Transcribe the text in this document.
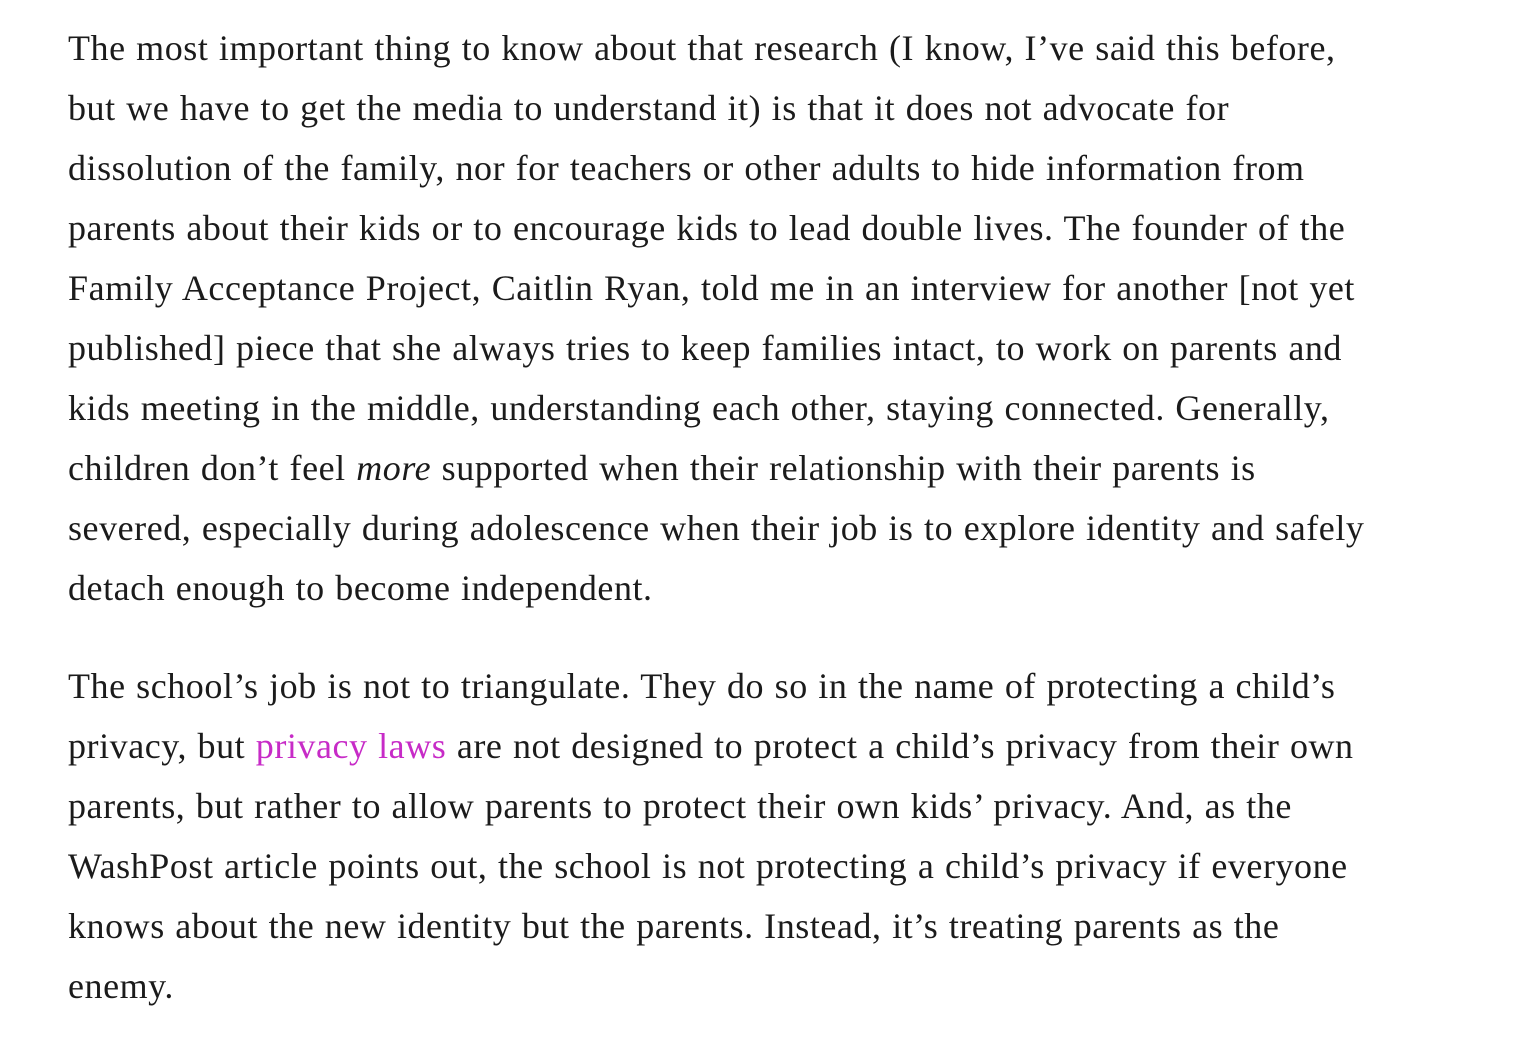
The most important thing to know about that research (I know, I’ve said this before,
but we have to get the media to understand it) is that it does not advocate for
dissolution of the family, nor for teachers or other adults to hide information from
parents about their kids or to encourage kids to lead double lives. The founder of the
Family Acceptance Project, Caitlin Ryan, told me in an interview for another [not yet
published] piece that she always tries to keep families intact, to work on parents and
kids meeting in the middle, understanding each other, staying connected. Generally,
children don’t feel more supported when their relationship with their parents is
severed, especially during adolescence when their job is to explore identity and safely
detach enough to become independent.

The school’s job is not to triangulate. They do so in the name of protecting a child’s
privacy, but privacy laws are not designed to protect a child’s privacy from their own
parents, but rather to allow parents to protect their own kids’ privacy. And, as the
WashPost article points out, the school is not protecting a child’s privacy if everyone
knows about the new identity but the parents. Instead, it’s treating parents as the
enemy.
